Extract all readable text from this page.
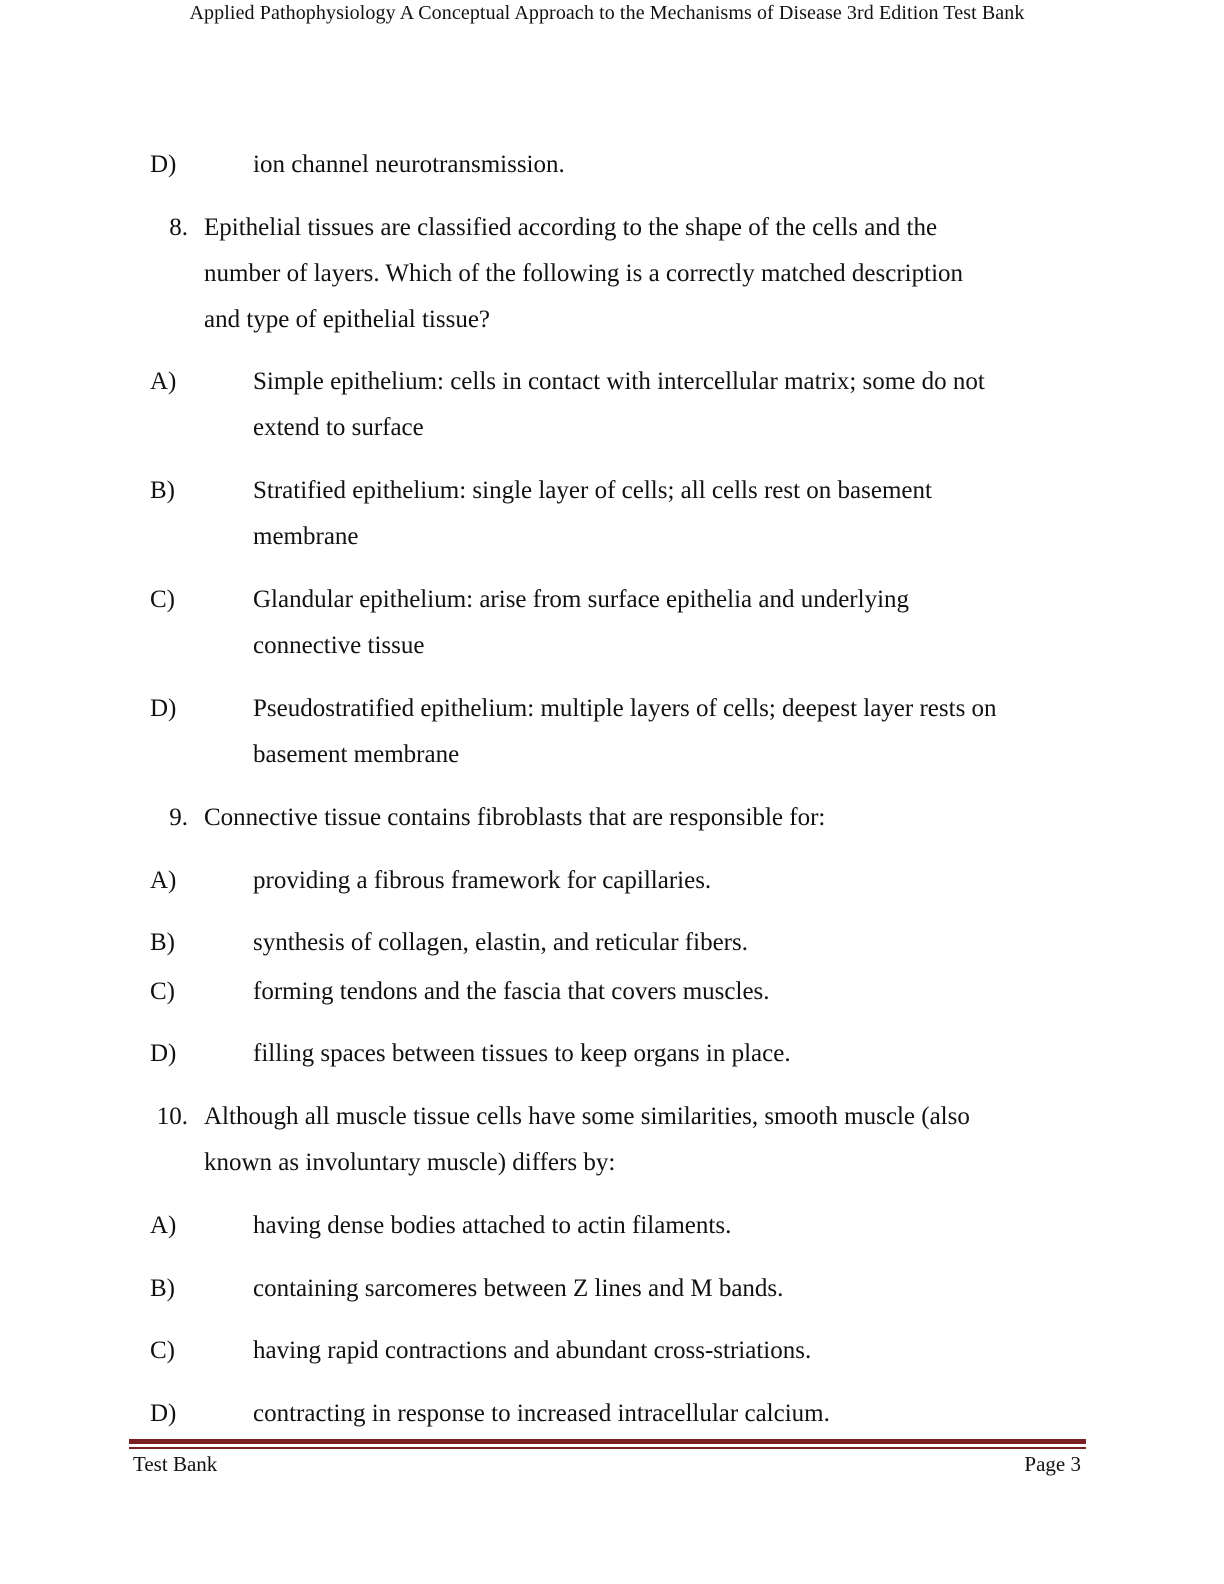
Applied Pathophysiology A Conceptual Approach to the Mechanisms of Disease 3rd Edition Test Bank
D)	ion channel neurotransmission.
8. Epithelial tissues are classified according to the shape of the cells and the
number of layers. Which of the following is a correctly matched description
and type of epithelial tissue?
A)	Simple epithelium: cells in contact with intercellular matrix; some do not
extend to surface
B)	Stratified epithelium: single layer of cells; all cells rest on basement
membrane
C)	Glandular epithelium: arise from surface epithelia and underlying
connective tissue
D)	Pseudostratified epithelium: multiple layers of cells; deepest layer rests on
basement membrane
9. Connective tissue contains fibroblasts that are responsible for:
A)	providing a fibrous framework for capillaries.
B)	synthesis of collagen, elastin, and reticular fibers.
C)	forming tendons and the fascia that covers muscles.
D)	filling spaces between tissues to keep organs in place.
10. Although all muscle tissue cells have some similarities, smooth muscle (also
known as involuntary muscle) differs by:
A)	having dense bodies attached to actin filaments.
B)	containing sarcomeres between Z lines and M bands.
C)	having rapid contractions and abundant cross-striations.
D)	contracting in response to increased intracellular calcium.
Test Bank	Page 3
